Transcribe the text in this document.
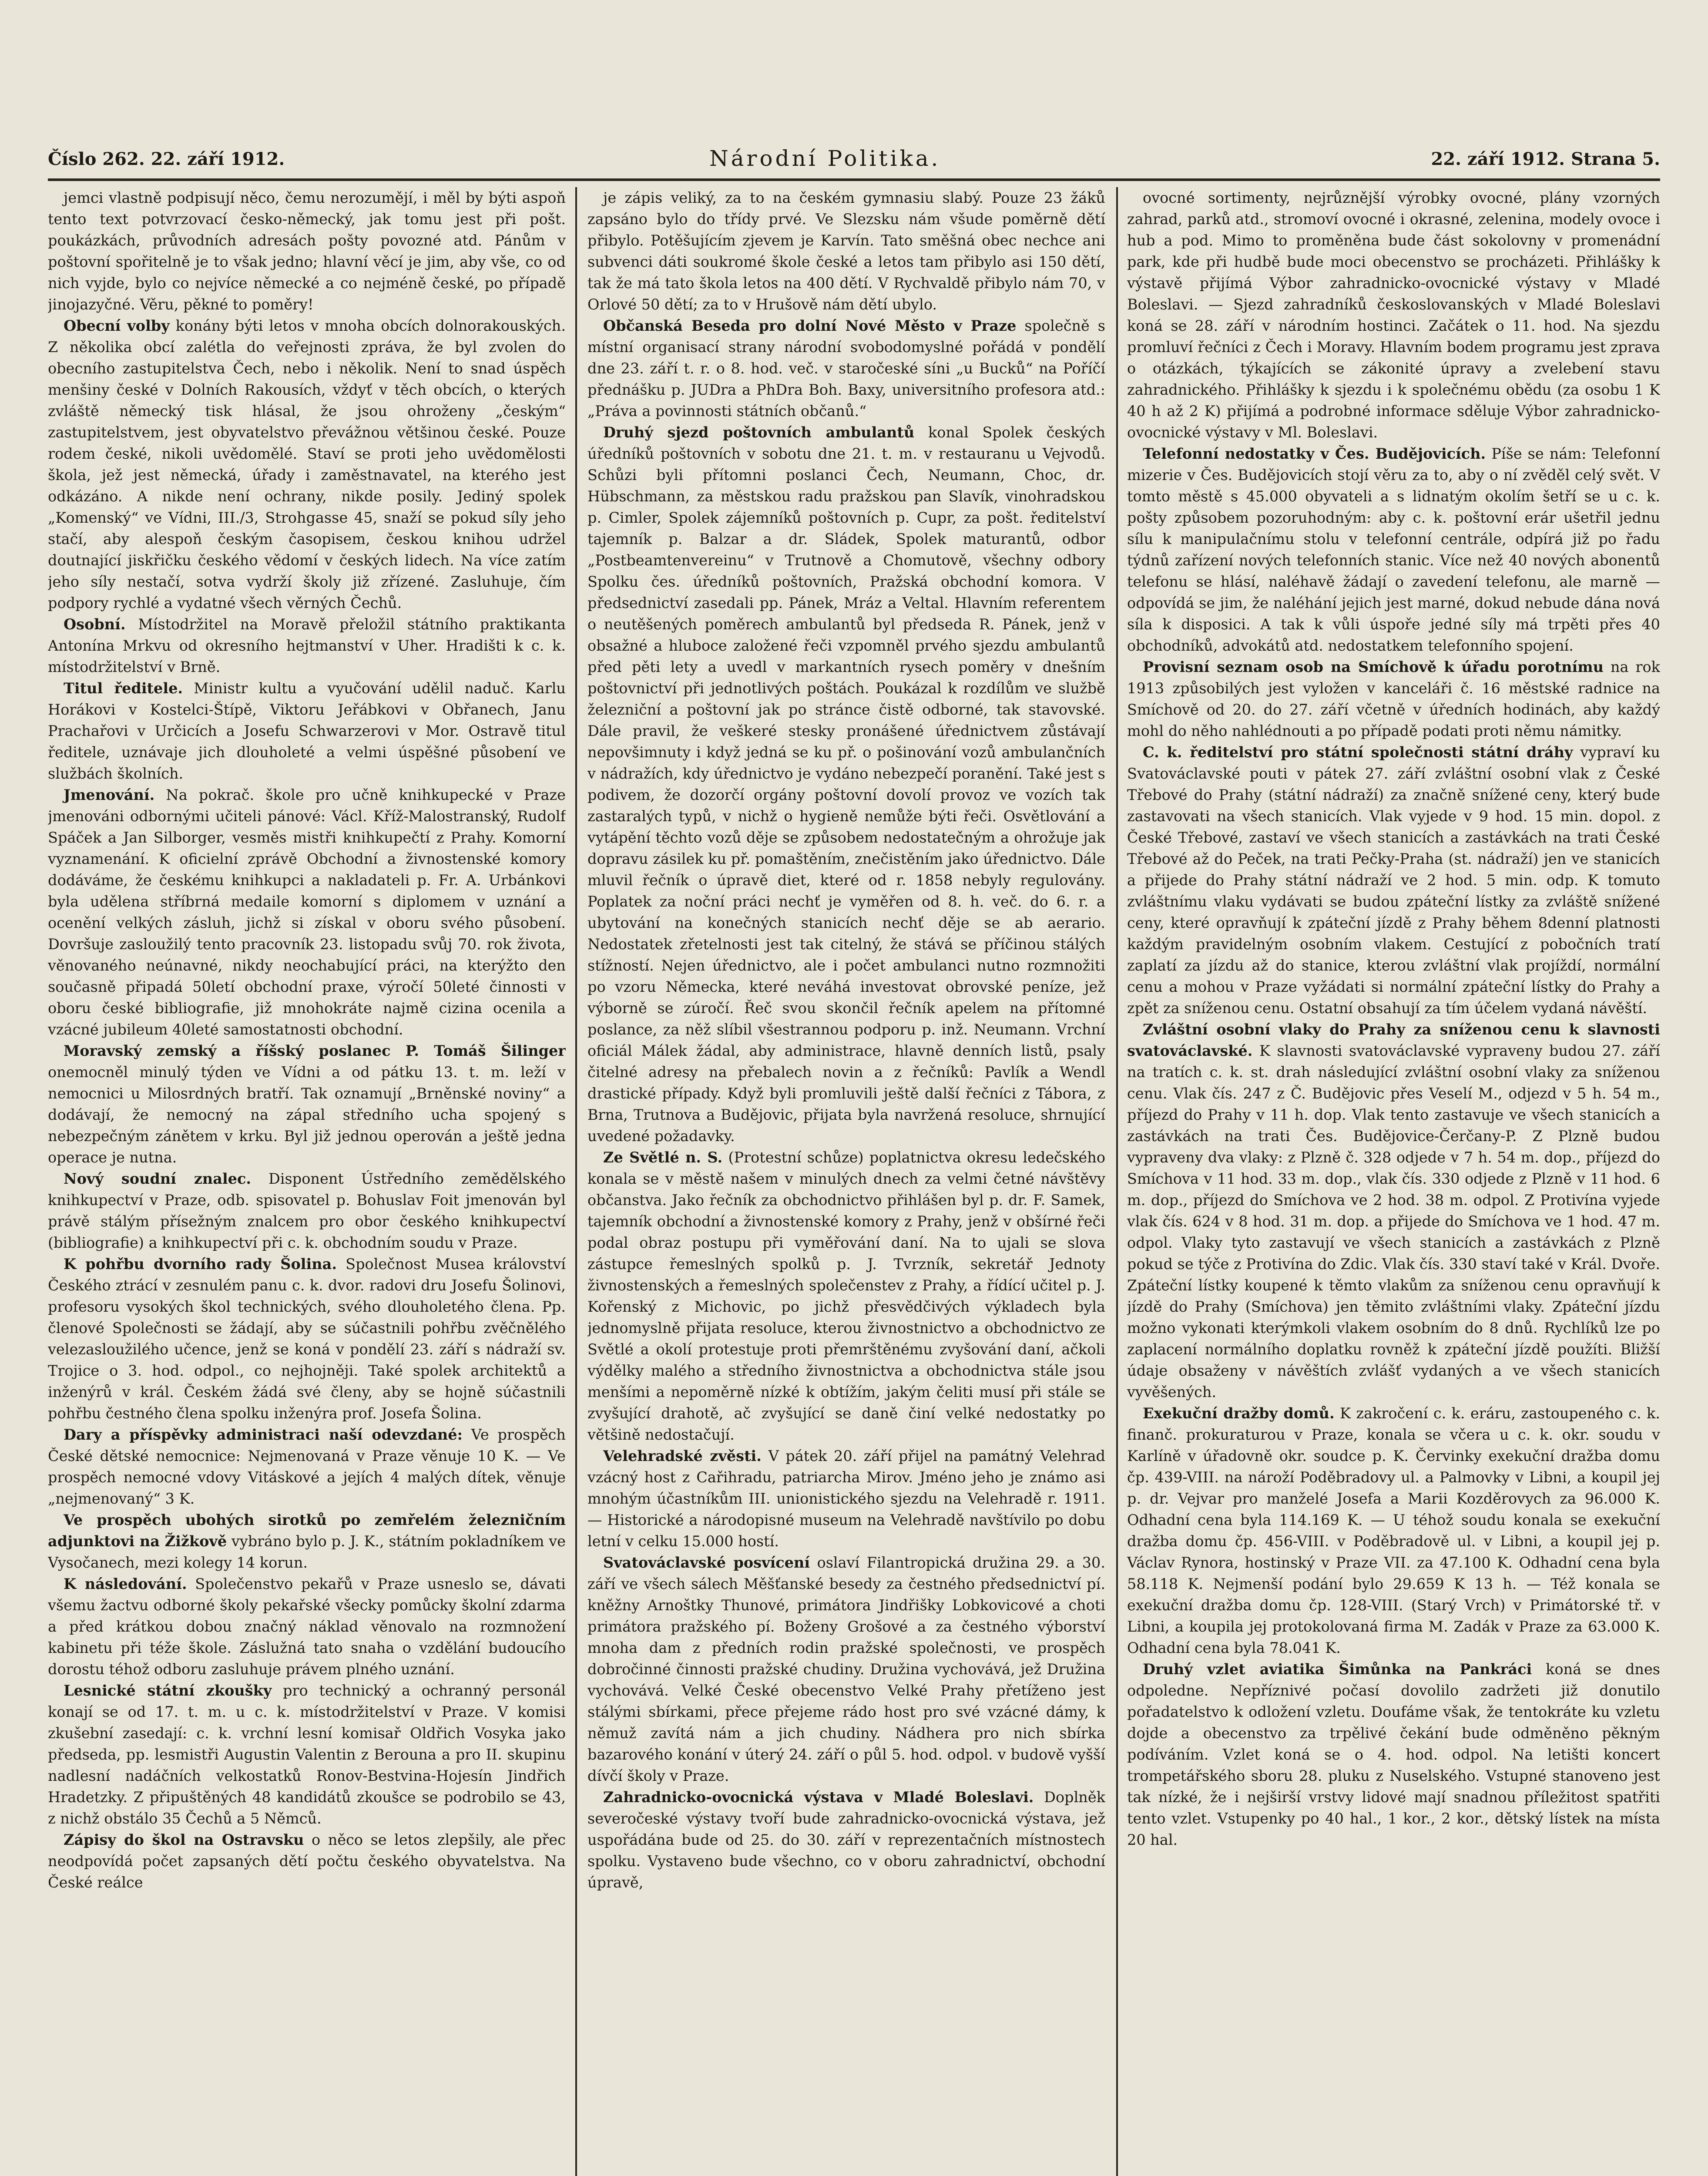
Číslo 262. 22. září 1912.	Národní Politika.	22. září 1912. Strana 5.

jemci vlastně podpisují něco, čemu nerozumějí, i měl by býti aspoň tento text potvrzovací česko-německý, jak tomu jest při pošt. poukázkách, průvodních adresách pošty povozné atd. Pánům v poštovní spořitelně je to však jedno; hlavní věcí je jim, aby vše, co od nich vyjde, bylo co nejvíce německé a co nejméně české, po případě jinojazyčné. Věru, pěkné to poměry!

Obecní volby konány býti letos v mnoha obcích dolnorakouských. Z několika obcí zalétla do veřejnosti zpráva, že byl zvolen do obecního zastupitelstva Čech, nebo i několik. Není to snad úspěch menšiny české v Dolních Rakousích, vždyť v těch obcích, o kterých zvláště německý tisk hlásal, že jsou ohroženy „českým“ zastupitelstvem, jest obyvatelstvo převážnou většinou české. Pouze rodem české, nikoli uvědomělé. Staví se proti jeho uvědomělosti škola, jež jest německá, úřady i zaměstnavatel, na kterého jest odkázáno. A nikde není ochrany, nikde posily. Jediný spolek „Komenský“ ve Vídni, III./3, Strohgasse 45, snaží se pokud síly jeho stačí, aby alespoň českým časopisem, českou knihou udržel doutnající jiskřičku českého vědomí v českých lidech. Na více zatím jeho síly nestačí, sotva vydrží školy již zřízené. Zasluhuje, čím podpory rychlé a vydatné všech věrných Čechů.

Osobní. Místodržitel na Moravě přeložil státního praktikanta Antonína Mrkvu od okresního hejtmanství v Uher. Hradišti k c. k. místodržitelství v Brně.

Titul ředitele. Ministr kultu a vyučování udělil naduč. Karlu Horákovi v Kostelci-Štípě, Viktoru Jeřábkovi v Obřanech, Janu Prachařovi v Určicích a Josefu Schwarzerovi v Mor. Ostravě titul ředitele, uznávaje jich dlouholeté a velmi úspěšné působení ve službách školních.

Jmenování. Na pokrač. škole pro učně knihkupecké v Praze jmenováni odbornými učiteli pánové: Václ. Kříž-Malostranský, Rudolf Spáček a Jan Silborger, vesměs mistři knihkupečtí z Prahy. Komorní vyznamenání. K oficielní zprávě Obchodní a živnostenské komory dodáváme, že českému knihkupci a nakladateli p. Fr. A. Urbánkovi byla udělena stříbrná medaile komorní s diplomem v uznání a ocenění velkých zásluh, jichž si získal v oboru svého působení. Dovršuje zasloužilý tento pracovník 23. listopadu svůj 70. rok života, věnovaného neúnavné, nikdy neochabující práci, na kterýžto den současně připadá 50letí obchodní praxe, výročí 50leté činnosti v oboru české bibliografie, již mnohokráte najmě cizina ocenila a vzácné jubileum 40leté samostatnosti obchodní.

Moravský zemský a říšský poslanec P. Tomáš Šilinger onemocněl minulý týden ve Vídni a od pátku 13. t. m. leží v nemocnici u Milosrdných bratří. Tak oznamují „Brněnské noviny“ a dodávají, že nemocný na zápal středního ucha spojený s nebezpečným zánětem v krku. Byl již jednou operován a ještě jedna operace je nutna.

Nový soudní znalec. Disponent Ústředního zemědělského knihkupectví v Praze, odb. spisovatel p. Bohuslav Foit jmenován byl právě stálým přísežným znalcem pro obor českého knihkupectví (bibliografie) a knihkupectví při c. k. obchodním soudu v Praze.

K pohřbu dvorního rady Šolina. Společnost Musea království Českého ztrácí v zesnulém panu c. k. dvor. radovi dru Josefu Šolinovi, profesoru vysokých škol technických, svého dlouholetého člena. Pp. členové Společnosti se žádají, aby se súčastnili pohřbu zvěčnělého velezasloužilého učence, jenž se koná v pondělí 23. září s nádraží sv. Trojice o 3. hod. odpol., co nejhojněji. Také spolek architektů a inženýrů v král. Českém žádá své členy, aby se hojně súčastnili pohřbu čestného člena spolku inženýra prof. Josefa Šolina.

Dary a příspěvky administraci naší odevzdané: Ve prospěch České dětské nemocnice: Nejmenovaná v Praze věnuje 10 K. — Ve prospěch nemocné vdovy Vitáskové a jejích 4 malých dítek, věnuje „nejmenovaný“ 3 K.

Ve prospěch ubohých sirotků po zemřelém železničním adjunktovi na Žižkově vybráno bylo p. J. K., státním pokladníkem ve Vysočanech, mezi kolegy 14 korun.

K následování. Společenstvo pekařů v Praze usneslo se, dávati všemu žactvu odborné školy pekařské všecky pomůcky školní zdarma a před krátkou dobou značný náklad věnovalo na rozmnožení kabinetu při téže škole. Záslužná tato snaha o vzdělání budoucího dorostu téhož odboru zasluhuje právem plného uznání.

Lesnické státní zkoušky pro technický a ochranný personál konají se od 17. t. m. u c. k. místodržitelství v Praze. V komisi zkušební zasedají: c. k. vrchní lesní komisař Oldřich Vosyka jako předseda, pp. lesmistři Augustin Valentin z Berouna a pro II. skupinu nadlesní nadáčních velkostatků Ronov-Bestvina-Hojesín Jindřich Hradetzky. Z připuštěných 48 kandidátů zkoušce se podrobilo se 43, z nichž obstálo 35 Čechů a 5 Němců.

Zápisy do škol na Ostravsku o něco se letos zlepšily, ale přec neodpovídá počet zapsaných dětí počtu českého obyvatelstva. Na České reálce

je zápis veliký, za to na českém gymnasiu slabý. Pouze 23 žáků zapsáno bylo do třídy prvé. Ve Slezsku nám všude poměrně dětí přibylo. Potěšujícím zjevem je Karvín. Tato směšná obec nechce ani subvenci dáti soukromé škole české a letos tam přibylo asi 150 dětí, tak že má tato škola letos na 400 dětí. V Rychvaldě přibylo nám 70, v Orlové 50 dětí; za to v Hrušově nám dětí ubylo.

Občanská Beseda pro dolní Nové Město v Praze společně s místní organisací strany národní svobodomyslné pořádá v pondělí dne 23. září t. r. o 8. hod. več. v staročeské síni „u Bucků“ na Poříčí přednášku p. JUDra a PhDra Boh. Baxy, universitního profesora atd.: „Práva a povinnosti státních občanů.“

Druhý sjezd poštovních ambulantů konal Spolek českých úředníků poštovních v sobotu dne 21. t. m. v restauranu u Vejvodů. Schůzi byli přítomni poslanci Čech, Neumann, Choc, dr. Hübschmann, za městskou radu pražskou pan Slavík, vinohradskou p. Cimler, Spolek zájemníků poštovních p. Cupr, za pošt. ředitelství tajemník p. Balzar a dr. Sládek, Spolek maturantů, odbor „Postbeamtenvereinu“ v Trutnově a Chomutově, všechny odbory Spolku čes. úředníků poštovních, Pražská obchodní komora. V předsednictví zasedali pp. Pánek, Mráz a Veltal. Hlavním referentem o neutěšených poměrech ambulantů byl předseda R. Pánek, jenž v obsažné a hluboce založené řeči vzpomněl prvého sjezdu ambulantů před pěti lety a uvedl v markantních rysech poměry v dnešním poštovnictví při jednotlivých poštách. Poukázal k rozdílům ve službě železniční a poštovní jak po stránce čistě odborné, tak stavovské. Dále pravil, že veškeré stesky pronášené úřednictvem zůstávají nepovšimnuty i když jedná se ku př. o pošinování vozů ambulančních v nádražích, kdy úřednictvo je vydáno nebezpečí poranění. Také jest s podivem, že dozorčí orgány poštovní dovolí provoz ve vozích tak zastaralých typů, v nichž o hygieně nemůže býti řeči. Osvětlování a vytápění těchto vozů děje se způsobem nedostatečným a ohrožuje jak dopravu zásilek ku př. pomaštěním, znečistěním jako úřednictvo. Dále mluvil řečník o úpravě diet, které od r. 1858 nebyly regulovány. Poplatek za noční práci nechť je vyměřen od 8. h. več. do 6. r. a ubytování na konečných stanicích nechť děje se ab aerario. Nedostatek zřetelnosti jest tak citelný, že stává se příčinou stálých stížností. Nejen úřednictvo, ale i počet ambulanci nutno rozmnožiti po vzoru Německa, které neváhá investovat obrovské peníze, jež výborně se zúročí. Řeč svou skončil řečník apelem na přítomné poslance, za něž slíbil všestrannou podporu p. inž. Neumann. Vrchní oficiál Málek žádal, aby administrace, hlavně denních listů, psaly čitelné adresy na přebalech novin a z řečníků: Pavlík a Wendl drastické případy. Když byli promluvili ještě další řečníci z Tábora, z Brna, Trutnova a Budějovic, přijata byla navržená resoluce, shrnující uvedené požadavky.

Ze Světlé n. S. (Protestní schůze) poplatnictva okresu ledečského konala se v městě našem v minulých dnech za velmi četné návštěvy občanstva. Jako řečník za obchodnictvo přihlášen byl p. dr. F. Samek, tajemník obchodní a živnostenské komory z Prahy, jenž v obšírné řeči podal obraz postupu při vyměřování daní. Na to ujali se slova zástupce řemeslných spolků p. J. Tvrzník, sekretář Jednoty živnostenských a řemeslných společenstev z Prahy, a řídící učitel p. J. Kořenský z Michovic, po jichž přesvědčivých výkladech byla jednomyslně přijata resoluce, kterou živnostnictvo a obchodnictvo ze Světlé a okolí protestuje proti přemrštěnému zvyšování daní, ačkoli výdělky malého a středního živnostnictva a obchodnictva stále jsou menšími a nepoměrně nízké k obtížím, jakým čeliti musí při stále se zvyšující drahotě, ač zvyšující se daně činí velké nedostatky po většině nedostačují.

Velehradské zvěsti. V pátek 20. září přijel na památný Velehrad vzácný host z Cařihradu, patriarcha Mirov. Jméno jeho je známo asi mnohým účastníkům III. unionistického sjezdu na Velehradě r. 1911. — Historické a národopisné museum na Velehradě navštívilo po dobu letní v celku 15.000 hostí.

Svatováclavské posvícení oslaví Filantropická družina 29. a 30. září ve všech sálech Měšťanské besedy za čestného předsednictví pí. kněžny Arnoštky Thunové, primátora Jindřišky Lobkovicové a choti primátora pražského pí. Boženy Grošové a za čestného výborství mnoha dam z předních rodin pražské společnosti, ve prospěch dobročinné činnosti pražské chudiny. Družina vychovává, jež Družina vychovává. Velké České obecenstvo Velké Prahy přetíženo jest stálými sbírkami, přece přejeme rádo host pro své vzácné dámy, k němuž zavítá nám a jich chudiny. Nádhera pro nich sbírka bazarového konání v úterý 24. září o půl 5. hod. odpol. v budově vyšší dívčí školy v Praze.

Zahradnicko-ovocnická výstava v Mladé Boleslavi. Doplněk severočeské výstavy tvoří bude zahradnicko-ovocnická výstava, jež uspořádána bude od 25. do 30. září v reprezentačních místnostech spolku. Vystaveno bude všechno, co v oboru zahradnictví, obchodní úpravě,

ovocné sortimenty, nejrůznější výrobky ovocné, plány vzorných zahrad, parků atd., stromoví ovocné i okrasné, zelenina, modely ovoce i hub a pod. Mimo to proměněna bude část sokolovny v promenádní park, kde při hudbě bude moci obecenstvo se procházeti. Přihlášky k výstavě přijímá Výbor zahradnicko-ovocnické výstavy v Mladé Boleslavi. — Sjezd zahradníků českoslovanských v Mladé Boleslavi koná se 28. září v národním hostinci. Začátek o 11. hod. Na sjezdu promluví řečníci z Čech i Moravy. Hlavním bodem programu jest zprava o otázkách, týkajících se zákonité úpravy a zvelebení stavu zahradnického. Přihlášky k sjezdu i k společnému obědu (za osobu 1 K 40 h až 2 K) přijímá a podrobné informace sděluje Výbor zahradnicko-ovocnické výstavy v Ml. Boleslavi.

Telefonní nedostatky v Čes. Budějovicích. Píše se nám: Telefonní mizerie v Čes. Budějovicích stojí věru za to, aby o ní zvěděl celý svět. V tomto městě s 45.000 obyvateli a s lidnatým okolím šetří se u c. k. pošty způsobem pozoruhodným: aby c. k. poštovní erár ušetřil jednu sílu k manipulačnímu stolu v telefonní centrále, odpírá již po řadu týdnů zařízení nových telefonních stanic. Více než 40 nových abonentů telefonu se hlásí, naléhavě žádají o zavedení telefonu, ale marně — odpovídá se jim, že naléhání jejich jest marné, dokud nebude dána nová síla k disposici. A tak k vůli úspoře jedné síly má trpěti přes 40 obchodníků, advokátů atd. nedostatkem telefonního spojení.

Provisní seznam osob na Smíchově k úřadu porotnímu na rok 1913 způsobilých jest vyložen v kanceláři č. 16 městské radnice na Smíchově od 20. do 27. září včetně v úředních hodinách, aby každý mohl do něho nahlédnouti a po případě podati proti němu námitky.

C. k. ředitelství pro státní společnosti státní dráhy vypraví ku Svatováclavské pouti v pátek 27. září zvláštní osobní vlak z České Třebové do Prahy (státní nádraží) za značně snížené ceny, který bude zastavovati na všech stanicích. Vlak vyjede v 9 hod. 15 min. dopol. z České Třebové, zastaví ve všech stanicích a zastávkách na trati České Třebové až do Peček, na trati Pečky-Praha (st. nádraží) jen ve stanicích a přijede do Prahy státní nádraží ve 2 hod. 5 min. odp. K tomuto zvláštnímu vlaku vydávati se budou zpáteční lístky za zvláště snížené ceny, které opravňují k zpáteční jízdě z Prahy během 8denní platnosti každým pravidelným osobním vlakem. Cestující z pobočních tratí zaplatí za jízdu až do stanice, kterou zvláštní vlak projíždí, normální cenu a mohou v Praze vyžádati si normální zpáteční lístky do Prahy a zpět za sníženou cenu. Ostatní obsahují za tím účelem vydaná návěští.

Zvláštní osobní vlaky do Prahy za sníženou cenu k slavnosti svatováclavské. K slavnosti svatováclavské vypraveny budou 27. září na tratích c. k. st. drah následující zvláštní osobní vlaky za sníženou cenu. Vlak čís. 247 z Č. Budějovic přes Veselí M., odjezd v 5 h. 54 m., příjezd do Prahy v 11 h. dop. Vlak tento zastavuje ve všech stanicích a zastávkách na trati Čes. Budějovice-Čerčany-P. Z Plzně budou vypraveny dva vlaky: z Plzně č. 328 odjede v 7 h. 54 m. dop., příjezd do Smíchova v 11 hod. 33 m. dop., vlak čís. 330 odjede z Plzně v 11 hod. 6 m. dop., příjezd do Smíchova ve 2 hod. 38 m. odpol. Z Protivína vyjede vlak čís. 624 v 8 hod. 31 m. dop. a přijede do Smíchova ve 1 hod. 47 m. odpol. Vlaky tyto zastavují ve všech stanicích a zastávkách z Plzně pokud se týče z Protivína do Zdic. Vlak čís. 330 staví také v Král. Dvoře. Zpáteční lístky koupené k těmto vlakům za sníženou cenu opravňují k jízdě do Prahy (Smíchova) jen těmito zvláštními vlaky. Zpáteční jízdu možno vykonati kterýmkoli vlakem osobním do 8 dnů. Rychlíků lze po zaplacení normálního doplatku rovněž k zpáteční jízdě použíti. Bližší údaje obsaženy v návěštích zvlášť vydaných a ve všech stanicích vyvěšených.

Exekuční dražby domů. K zakročení c. k. eráru, zastoupeného c. k. finanč. prokuraturou v Praze, konala se včera u c. k. okr. soudu v Karlíně v úřadovně okr. soudce p. K. Červinky exekuční dražba domu čp. 439-VIII. na nároží Poděbradovy ul. a Palmovky v Libni, a koupil jej p. dr. Vejvar pro manželé Josefa a Marii Kozděrovych za 96.000 K. Odhadní cena byla 114.169 K. — U téhož soudu konala se exekuční dražba domu čp. 456-VIII. v Poděbradově ul. v Libni, a koupil jej p. Václav Rynora, hostinský v Praze VII. za 47.100 K. Odhadní cena byla 58.118 K. Nejmenší podání bylo 29.659 K 13 h. — Též konala se exekuční dražba domu čp. 128-VIII. (Starý Vrch) v Primátorské tř. v Libni, a koupila jej protokolovaná firma M. Zadák v Praze za 63.000 K. Odhadní cena byla 78.041 K.

Druhý vzlet aviatika Šimůnka na Pankráci koná se dnes odpoledne. Nepříznivé počasí dovolilo zadržeti již donutilo pořadatelstvo k odložení vzletu. Doufáme však, že tentokráte ku vzletu dojde a obecenstvo za trpělivé čekání bude odměněno pěkným podíváním. Vzlet koná se o 4. hod. odpol. Na letišti koncert trompetářského sboru 28. pluku z Nuselského. Vstupné stanoveno jest tak nízké, že i nejširší vrstvy lidové mají snadnou příležitost spatřiti tento vzlet. Vstupenky po 40 hal., 1 kor., 2 kor., dětský lístek na místa 20 hal.
